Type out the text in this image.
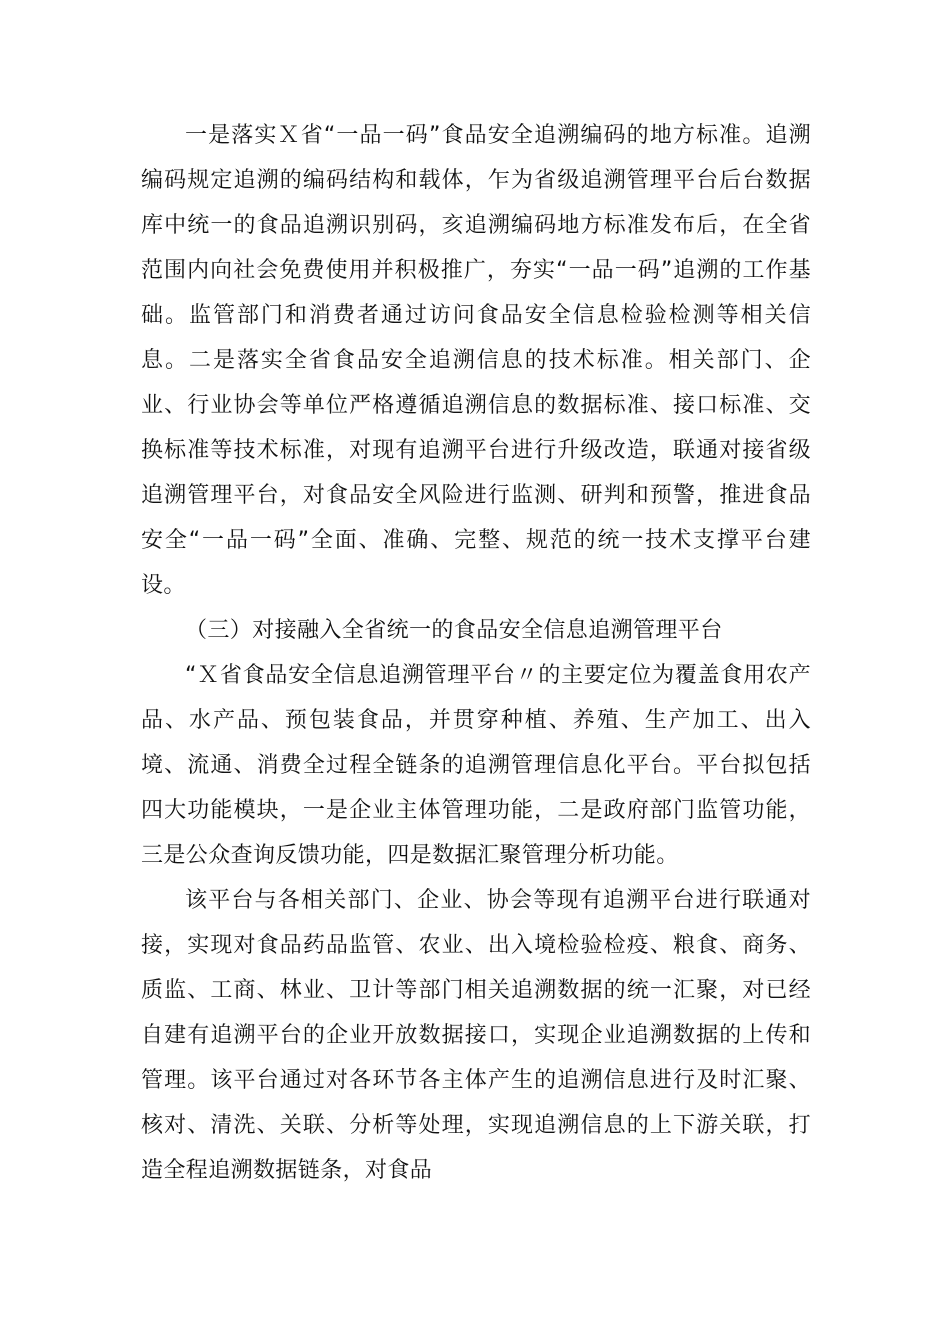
一是落实Ｘ省“一品一码”食品安全追溯编码的地方标准。追溯编码规定追溯的编码结构和载体，乍为省级追溯管理平台后台数据库中统一的食品追溯识别码，亥追溯编码地方标准发布后，在全省范围内向社会免费使用并积极推广，夯实“一品一码”追溯的工作基础。监管部门和消费者通过访问食品安全信息检验检测等相关信息。二是落实全省食品安全追溯信息的技术标准。相关部门、企业、行业协会等单位严格遵循追溯信息的数据标准、接口标准、交换标准等技术标准，对现有追溯平台进行升级改造，联通对接省级追溯管理平台，对食品安全风险进行监测、研判和预警，推进食品安全“一品一码”全面、准确、完整、规范的统一技术支撑平台建设。

（三）对接融入全省统一的食品安全信息追溯管理平台

“Ｘ省食品安全信息追溯管理平台〃的主要定位为覆盖食用农产品、水产品、预包装食品，并贯穿种植、养殖、生产加工、出入境、流通、消费全过程全链条的追溯管理信息化平台。平台拟包括四大功能模块，一是企业主体管理功能，二是政府部门监管功能，三是公众查询反馈功能，四是数据汇聚管理分析功能。

该平台与各相关部门、企业、协会等现有追溯平台进行联通对接，实现对食品药品监管、农业、出入境检验检疫、粮食、商务、质监、工商、林业、卫计等部门相关追溯数据的统一汇聚，对已经自建有追溯平台的企业开放数据接口，实现企业追溯数据的上传和管理。该平台通过对各环节各主体产生的追溯信息进行及时汇聚、核对、清洗、关联、分析等处理，实现追溯信息的上下游关联，打造全程追溯数据链条，对食品
